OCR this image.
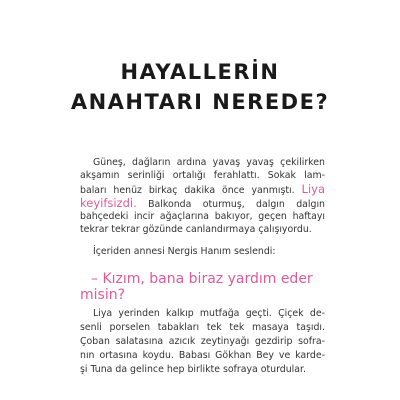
HAYALLERİN
ANAHTARI NEREDE?
Güneş, dağların ardına yavaş yavaş çekilirken
akşamın serinliği ortalığı ferahlattı. Sokak lam-
baları henüz birkaç dakika önce yanmıştı. Liya
keyifsizdi. Balkonda oturmuş, dalgın dalgın
bahçedeki incir ağaçlarına bakıyor, geçen haftayı
tekrar tekrar gözünde canlandırmaya çalışıyordu.
İçeriden annesi Nergis Hanım seslendi:
– Kızım, bana biraz yardım eder
misin?
Liya yerinden kalkıp mutfağa geçti. Çiçek de-
senli porselen tabakları tek tek masaya taşıdı.
Çoban salatasına azıcık zeytinyağı gezdirip sofra-
nın ortasına koydu. Babası Gökhan Bey ve karde-
şi Tuna da gelince hep birlikte sofraya oturdular.
